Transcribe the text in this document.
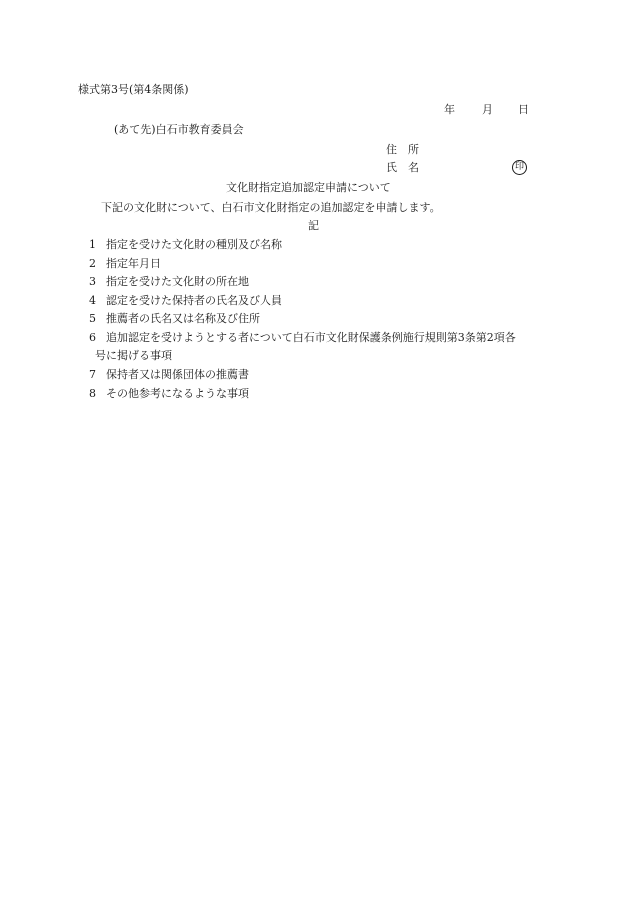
様式第3号(第4条関係)
年 月 日
(あて先)白石市教育委員会
住 所
氏 名	印
文化財指定追加認定申請について
下記の文化財について、白石市文化財指定の追加認定を申請します。
記
1 指定を受けた文化財の種別及び名称
2 指定年月日
3 指定を受けた文化財の所在地
4 認定を受けた保持者の氏名及び人員
5 推薦者の氏名又は名称及び住所
6 追加認定を受けようとする者について白石市文化財保護条例施行規則第3条第2項各
号に掲げる事項
7 保持者又は関係団体の推薦書
8 その他参考になるような事項
